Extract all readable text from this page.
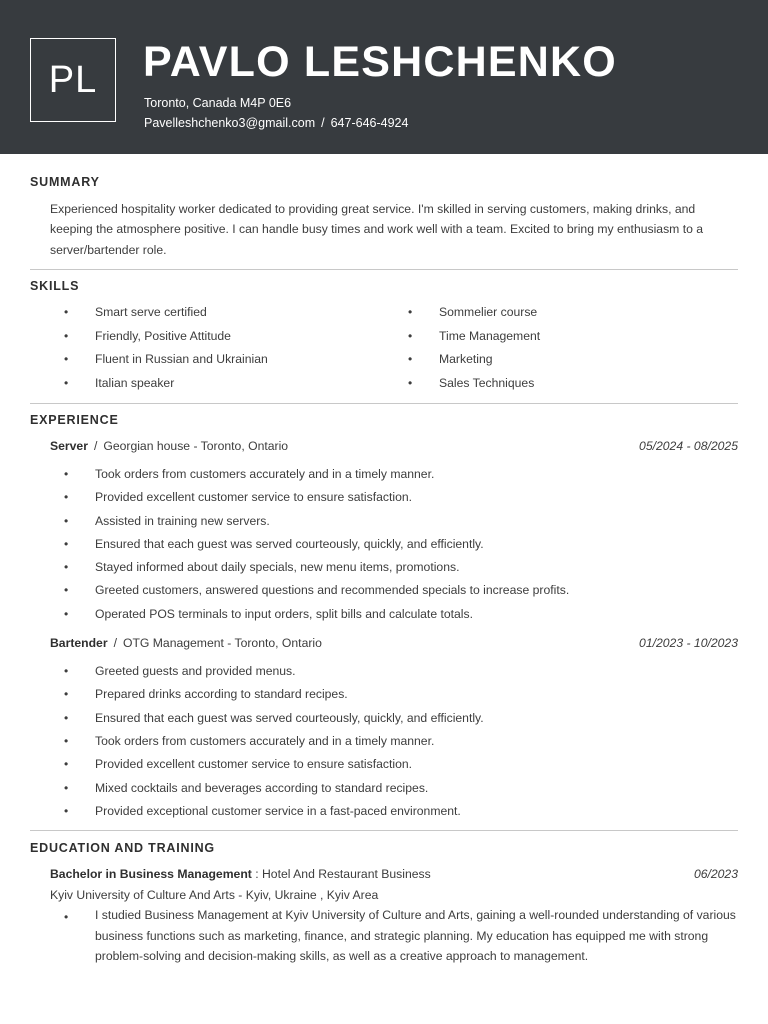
PL	PAVLO LESHCHENKO
Toronto, Canada M4P 0E6
Pavelleshchenko3@gmail.com / 647-646-4924
SUMMARY
Experienced hospitality worker dedicated to providing great service. I'm skilled in serving customers, making drinks, and keeping the atmosphere positive. I can handle busy times and work well with a team. Excited to bring my enthusiasm to a server/bartender role.
SKILLS
• Smart serve certified
• Friendly, Positive Attitude
• Fluent in Russian and Ukrainian
• Italian speaker
• Sommelier course
• Time Management
• Marketing
• Sales Techniques
EXPERIENCE
Server / Georgian house - Toronto, Ontario	05/2024 - 08/2025
• Took orders from customers accurately and in a timely manner.
• Provided excellent customer service to ensure satisfaction.
• Assisted in training new servers.
• Ensured that each guest was served courteously, quickly, and efficiently.
• Stayed informed about daily specials, new menu items, promotions.
• Greeted customers, answered questions and recommended specials to increase profits.
• Operated POS terminals to input orders, split bills and calculate totals.
Bartender / OTG Management - Toronto, Ontario	01/2023 - 10/2023
• Greeted guests and provided menus.
• Prepared drinks according to standard recipes.
• Ensured that each guest was served courteously, quickly, and efficiently.
• Took orders from customers accurately and in a timely manner.
• Provided excellent customer service to ensure satisfaction.
• Mixed cocktails and beverages according to standard recipes.
• Provided exceptional customer service in a fast-paced environment.
EDUCATION AND TRAINING
Bachelor in Business Management : Hotel And Restaurant Business	06/2023
Kyiv University of Culture And Arts - Kyiv, Ukraine , Kyiv Area
• I studied Business Management at Kyiv University of Culture and Arts, gaining a well-rounded understanding of various business functions such as marketing, finance, and strategic planning. My education has equipped me with strong problem-solving and decision-making skills, as well as a creative approach to management.
